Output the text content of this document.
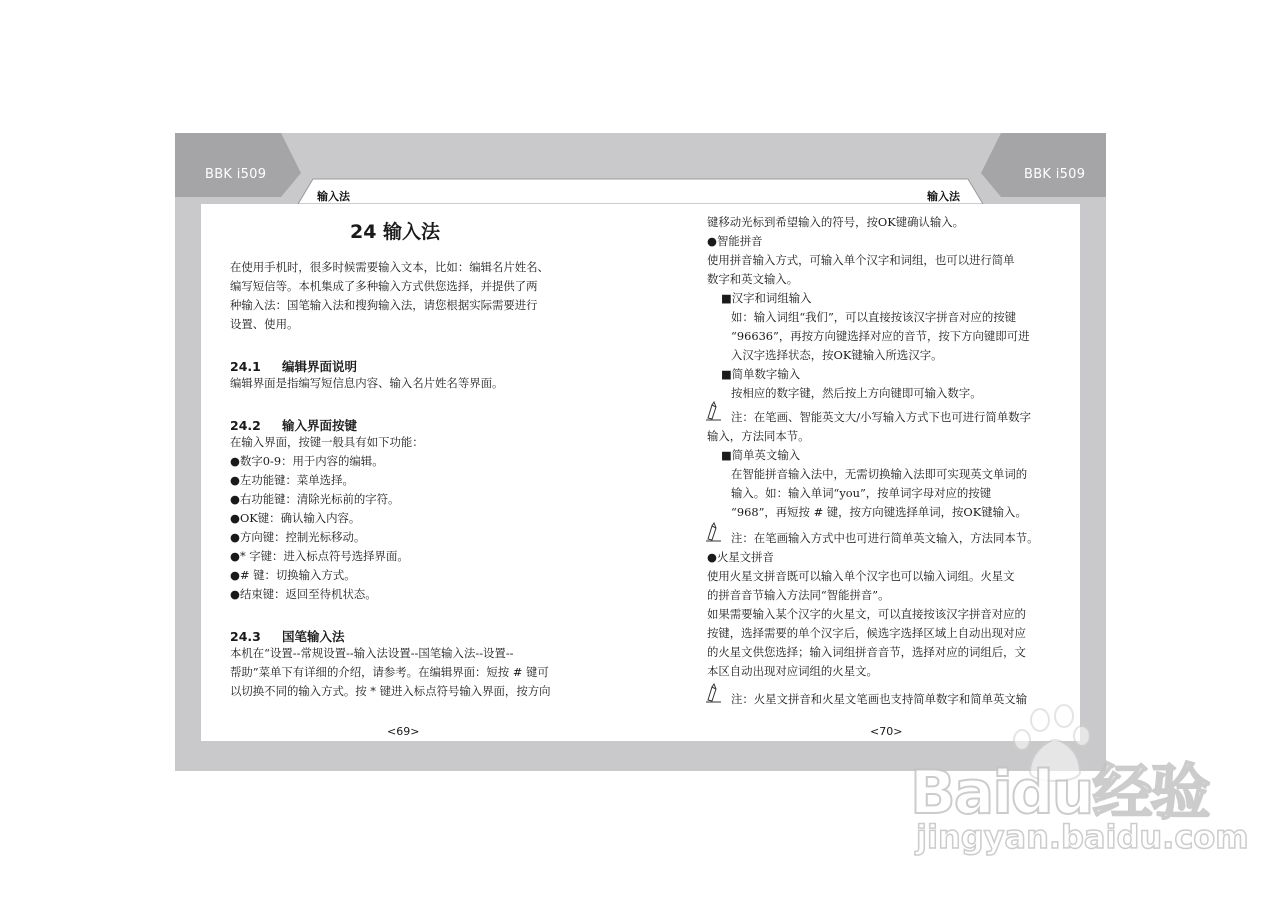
BBK i509	BBK i509
输入法	输入法
24 输入法
在使用手机时，很多时候需要输入文本，比如：编辑名片姓名、
编写短信等。本机集成了多种输入方式供您选择，并提供了两
种输入法：国笔输入法和搜狗输入法，请您根据实际需要进行
设置、使用。
24.1 编辑界面说明
编辑界面是指编写短信息内容、输入名片姓名等界面。
24.2 输入界面按键
在输入界面，按键一般具有如下功能：
●数字0-9：用于内容的编辑。
●左功能键：菜单选择。
●右功能键：清除光标前的字符。
●OK键：确认输入内容。
●方向键：控制光标移动。
●* 字键：进入标点符号选择界面。
●# 键：切换输入方式。
●结束键：返回至待机状态。
24.3 国笔输入法
本机在“设置--常规设置--输入法设置--国笔输入法--设置--
帮助”菜单下有详细的介绍，请参考。在编辑界面：短按 # 键可
以切换不同的输入方式。按 * 键进入标点符号输入界面，按方向
<69>
键移动光标到希望输入的符号，按OK键确认输入。
●智能拼音
使用拼音输入方式，可输入单个汉字和词组，也可以进行简单
数字和英文输入。
■汉字和词组输入
如：输入词组“我们”，可以直接按该汉字拼音对应的按键
“96636”，再按方向键选择对应的音节，按下方向键即可进
入汉字选择状态，按OK键输入所选汉字。
■简单数字输入
按相应的数字键，然后按上方向键即可输入数字。
注：在笔画、智能英文大/小写输入方式下也可进行简单数字
输入，方法同本节。
■简单英文输入
在智能拼音输入法中，无需切换输入法即可实现英文单词的
输入。如：输入单词“you”，按单词字母对应的按键
“968”，再短按 # 键，按方向键选择单词，按OK键输入。
注：在笔画输入方式中也可进行简单英文输入，方法同本节。
●火星文拼音
使用火星文拼音既可以输入单个汉字也可以输入词组。火星文
的拼音音节输入方法同“智能拼音”。
如果需要输入某个汉字的火星文，可以直接按该汉字拼音对应的
按键，选择需要的单个汉字后，候选字选择区域上自动出现对应
的火星文供您选择；输入词组拼音音节，选择对应的词组后，文
本区自动出现对应词组的火星文。
注：火星文拼音和火星文笔画也支持简单数字和简单英文输
<70>
Baidu经验
jingyan.baidu.com
